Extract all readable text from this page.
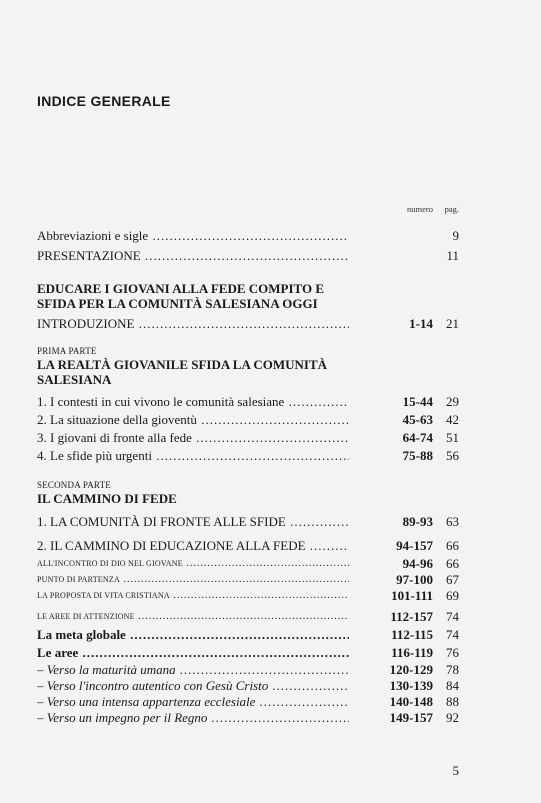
INDICE GENERALE
numero	pag.
Abbreviazioni e sigle .....	9
PRESENTAZIONE .....	11
EDUCARE I GIOVANI ALLA FEDE COMPITO E
SFIDA PER LA COMUNITÀ SALESIANA OGGI
INTRODUZIONE .....	1-14	21
PRIMA PARTE
LA REALTÀ GIOVANILE SFIDA LA COMUNITÀ
SALESIANA
1. I contesti in cui vivono le comunità salesiane .....	15-44	29
2. La situazione della gioventù .....	45-63	42
3. I giovani di fronte alla fede .....	64-74	51
4. Le sfide più urgenti .....	75-88	56
SECONDA PARTE
IL CAMMINO DI FEDE
1. LA COMUNITÀ DI FRONTE ALLE SFIDE .....	89-93	63
2. IL CAMMINO DI EDUCAZIONE ALLA FEDE .....	94-157	66
ALL'INCONTRO DI DIO NEL GIOVANE .....	94-96	66
PUNTO DI PARTENZA .....	97-100	67
LA PROPOSTA DI VITA CRISTIANA .....	101-111	69
LE AREE DI ATTENZIONE .....	112-157	74
La meta globale .....	112-115	74
Le aree .....	116-119	76
– Verso la maturità umana .....	120-129	78
– Verso l'incontro autentico con Gesù Cristo .....	130-139	84
– Verso una intensa appartenza ecclesiale .....	140-148	88
– Verso un impegno per il Regno .....	149-157	92
5
